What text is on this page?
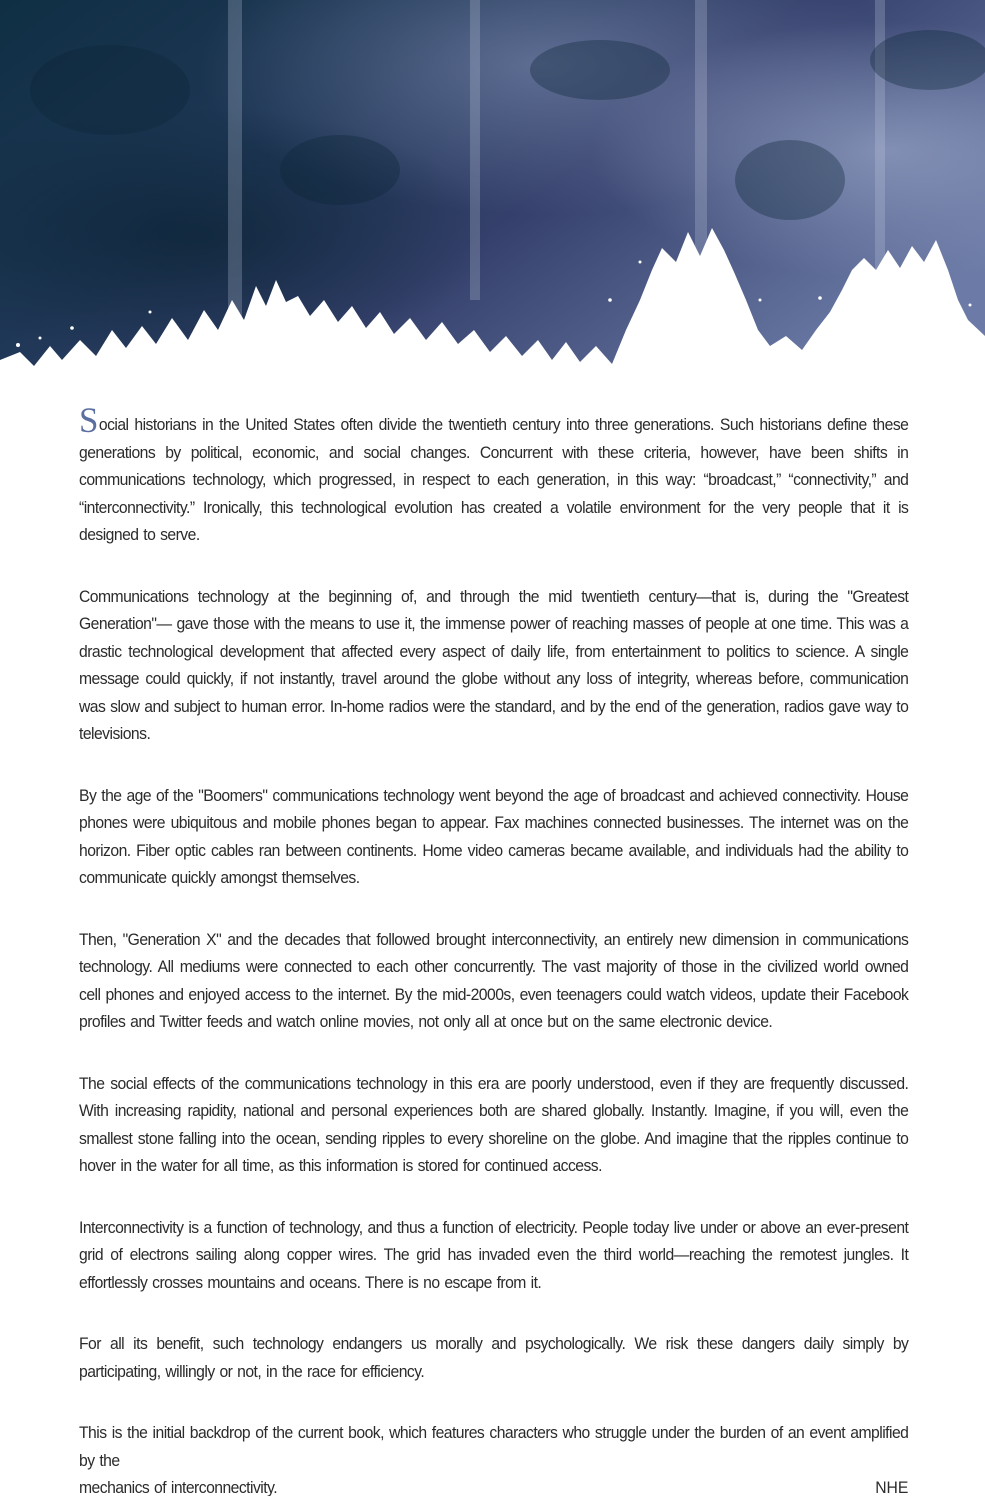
Social historians in the United States often divide the twentieth century into three generations. Such historians define these generations by political, economic, and social changes. Concurrent with these criteria, however, have been shifts in communications technology, which progressed, in respect to each generation, in this way: “broadcast,” “connectivity,” and “interconnectivity.” Ironically, this technological evolution has created a volatile environment for the very people that it is designed to serve.

Communications technology at the beginning of, and through the mid twentieth century—that is, during the "Greatest Generation"— gave those with the means to use it, the immense power of reaching masses of people at one time. This was a drastic technological development that affected every aspect of daily life, from entertainment to politics to science. A single message could quickly, if not instantly, travel around the globe without any loss of integrity, whereas before, communication was slow and subject to human error. In-home radios were the standard, and by the end of the generation, radios gave way to televisions.

By the age of the "Boomers" communications technology went beyond the age of broadcast and achieved connectivity. House phones were ubiquitous and mobile phones began to appear. Fax machines connected businesses. The internet was on the horizon. Fiber optic cables ran between continents. Home video cameras became available, and individuals had the ability to communicate quickly amongst themselves.

Then, "Generation X" and the decades that followed brought interconnectivity, an entirely new dimension in communications technology. All mediums were connected to each other concurrently. The vast majority of those in the civilized world owned cell phones and enjoyed access to the internet. By the mid-2000s, even teenagers could watch videos, update their Facebook profiles and Twitter feeds and watch online movies, not only all at once but on the same electronic device.

The social effects of the communications technology in this era are poorly understood, even if they are frequently discussed. With increasing rapidity, national and personal experiences both are shared globally. Instantly. Imagine, if you will, even the smallest stone falling into the ocean, sending ripples to every shoreline on the globe. And imagine that the ripples continue to hover in the water for all time, as this information is stored for continued access.

Interconnectivity is a function of technology, and thus a function of electricity. People today live under or above an ever-present grid of electrons sailing along copper wires. The grid has invaded even the third world—reaching the remotest jungles. It effortlessly crosses mountains and oceans. There is no escape from it.

For all its benefit, such technology endangers us morally and psychologically. We risk these dangers daily simply by participating, willingly or not, in the race for efficiency.

This is the initial backdrop of the current book, which features characters who struggle under the burden of an event amplified by the
mechanics of interconnectivity.	NHE
